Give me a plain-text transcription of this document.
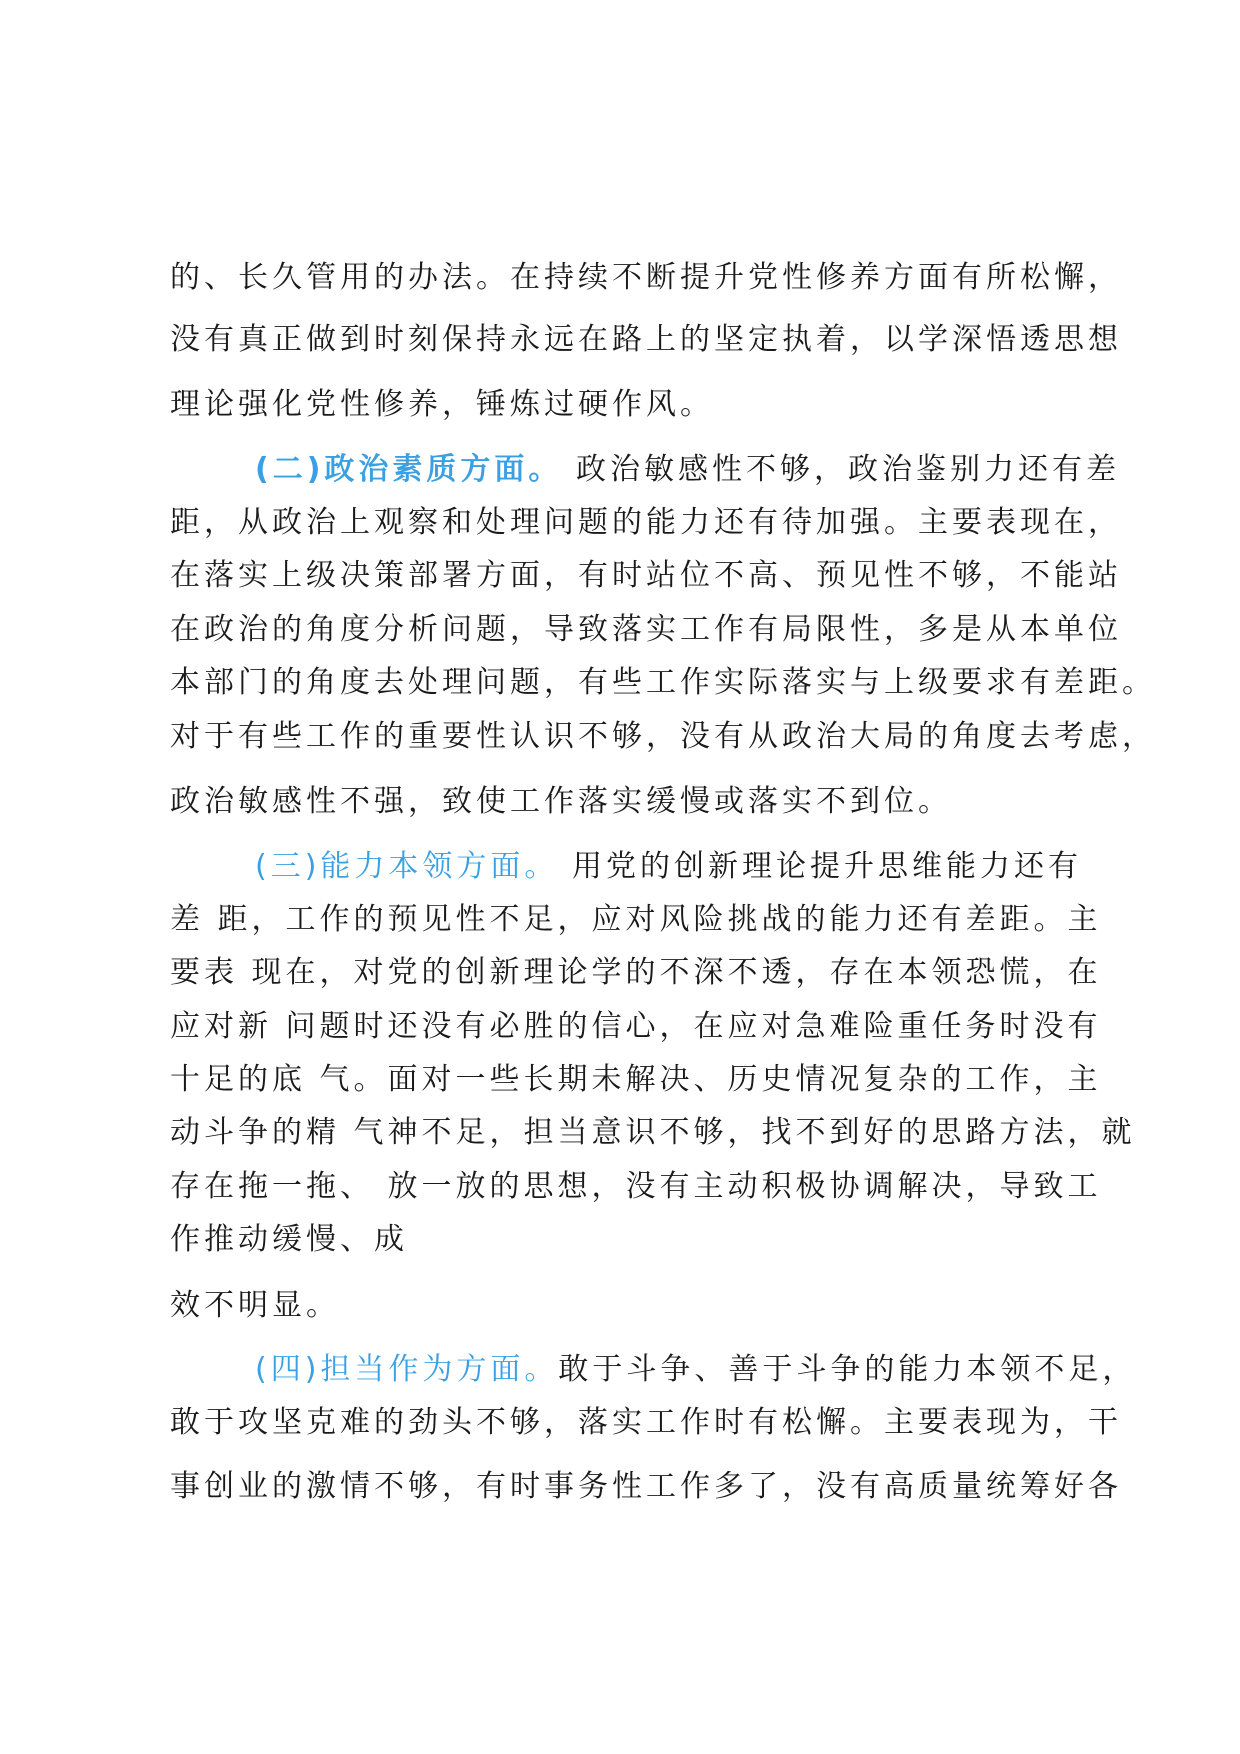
的、长久管用的办法。在持续不断提升党性修养方面有所松懈，
没有真正做到时刻保持永远在路上的坚定执着，以学深悟透思想
理论强化党性修养，锤炼过硬作风。
(二)政治素质方面。 政治敏感性不够，政治鉴别力还有差
距，从政治上观察和处理问题的能力还有待加强。主要表现在，
在落实上级决策部署方面，有时站位不高、预见性不够，不能站
在政治的角度分析问题，导致落实工作有局限性，多是从本单位
本部门的角度去处理问题，有些工作实际落实与上级要求有差距。
对于有些工作的重要性认识不够，没有从政治大局的角度去考虑，
政治敏感性不强，致使工作落实缓慢或落实不到位。
(三)能力本领方面。 用党的创新理论提升思维能力还有
差 距，工作的预见性不足，应对风险挑战的能力还有差距。主
要表 现在，对党的创新理论学的不深不透，存在本领恐慌，在
应对新 问题时还没有必胜的信心，在应对急难险重任务时没有
十足的底 气。面对一些长期未解决、历史情况复杂的工作，主
动斗争的精 气神不足，担当意识不够，找不到好的思路方法，就
存在拖一拖、 放一放的思想，没有主动积极协调解决，导致工
作推动缓慢、成
效不明显。
(四)担当作为方面。敢于斗争、善于斗争的能力本领不足，
敢于攻坚克难的劲头不够，落实工作时有松懈。主要表现为，干
事创业的激情不够，有时事务性工作多了，没有高质量统筹好各
